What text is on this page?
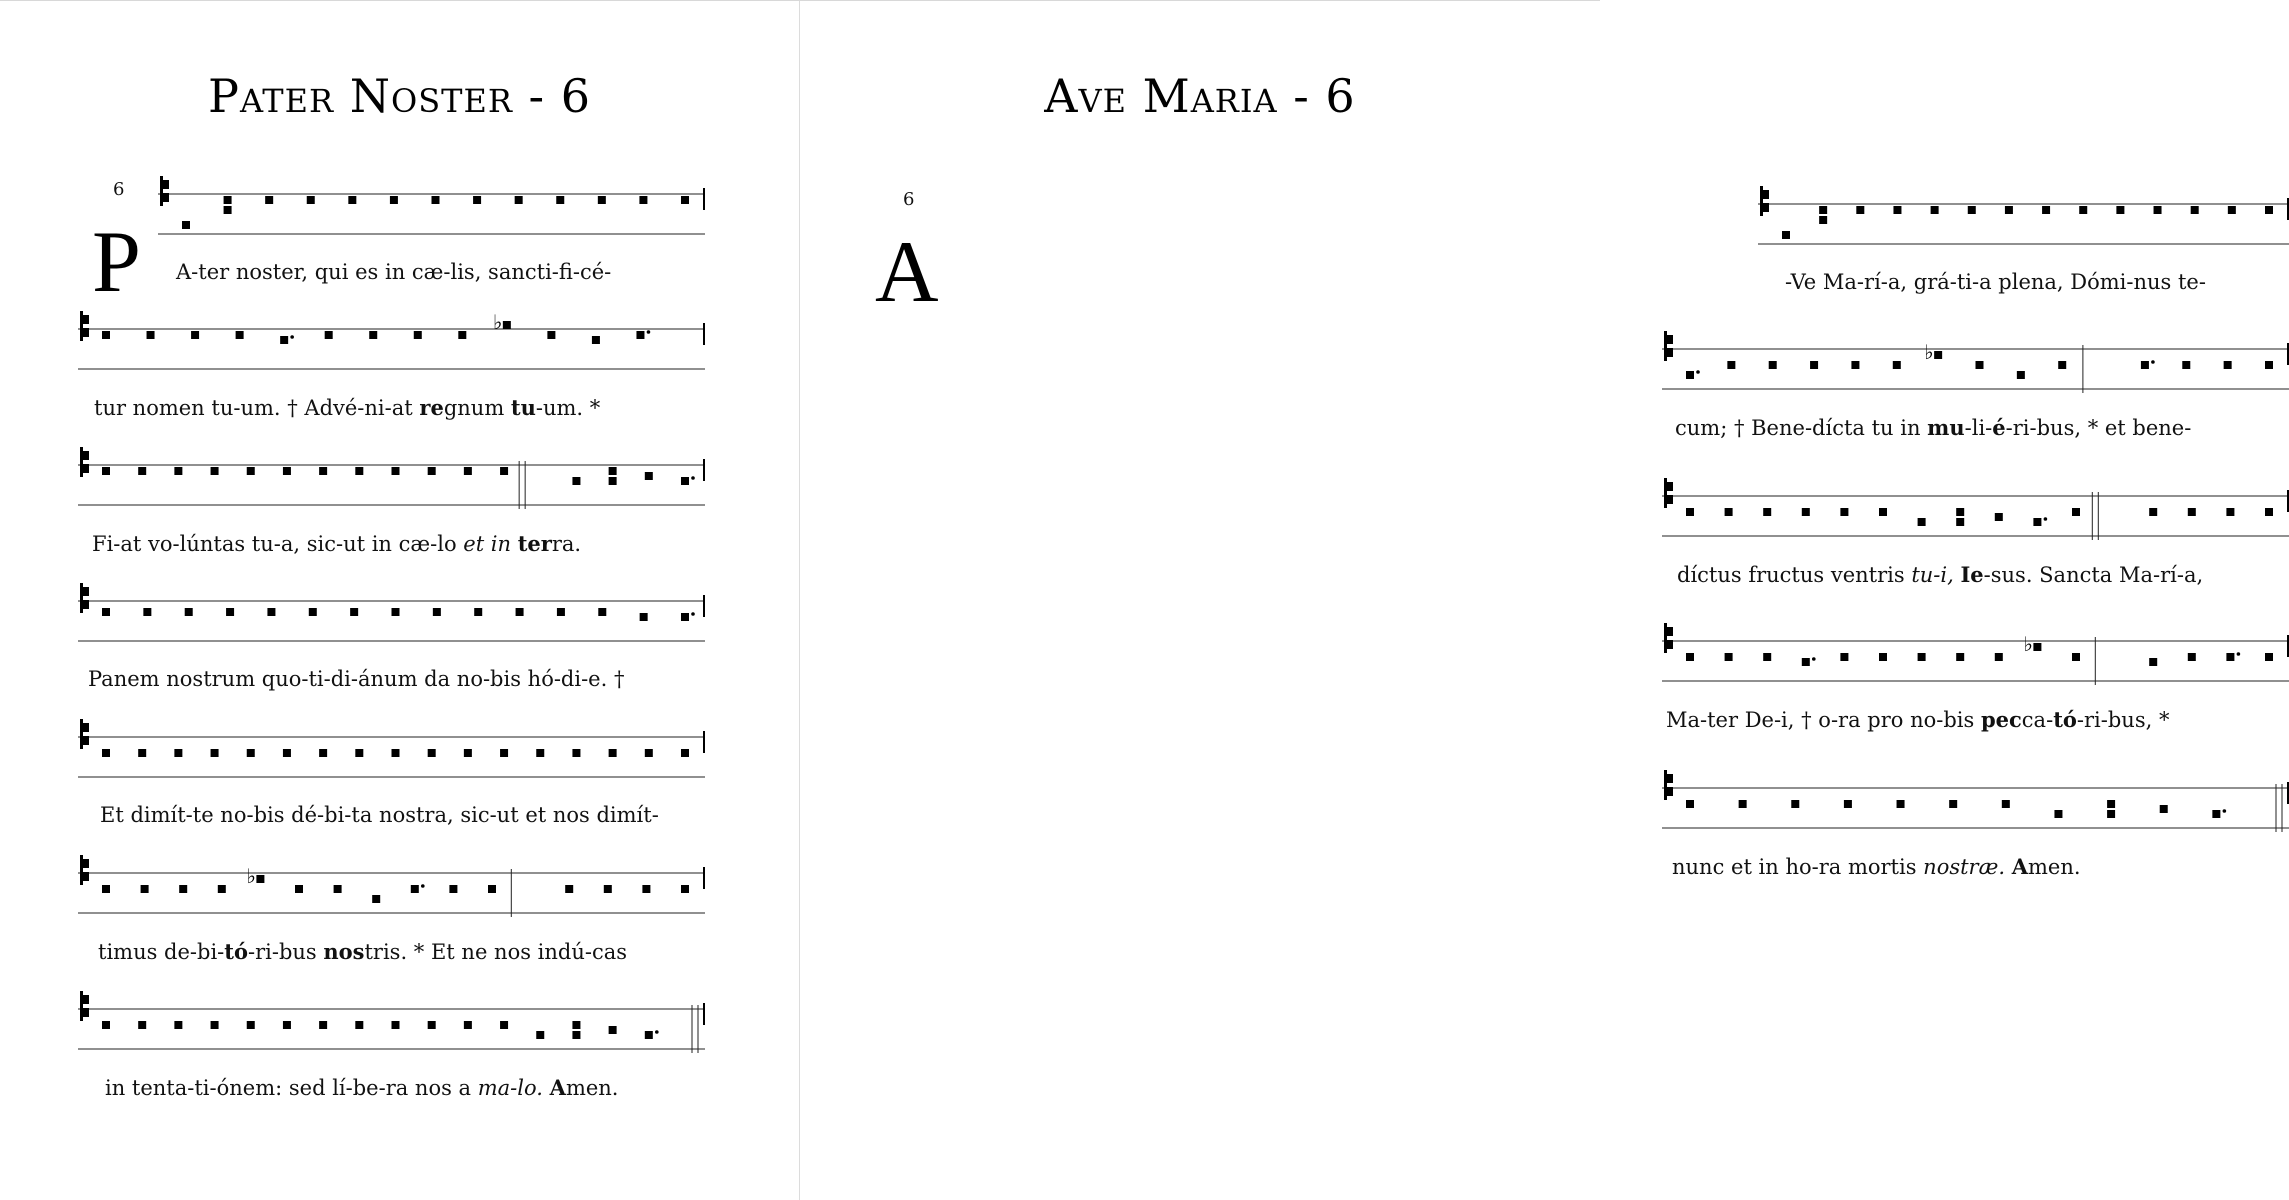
Pater Noster - 6
6
P A-ter noster, qui es in cæ-lis, sancti-fi-cé-
♭
tur nomen tu-um. † Advé-ni-at regnum tu-um. *
Fi-at vo-lúntas tu-a, sic-ut in cæ-lo et in terra.
Panem nostrum quo-ti-di-ánum da no-bis hó-di-e. †
Et dimít-te no-bis dé-bi-ta nostra, sic-ut et nos dimít-
♭
timus de-bi-tó-ri-bus nostris. * Et ne nos indú-cas
in tenta-ti-ónem: sed lí-be-ra nos a ma-lo. Amen.
Ave Maria - 6
6
A	-Ve Ma-rí-a, grá-ti-a plena, Dómi-nus te-
♭
cum; † Bene-dícta tu in mu-li-é-ri-bus, * et bene-
díctus fructus ventris tu-i, Ie-sus. Sancta Ma-rí-a,
♭
Ma-ter De-i, † o-ra pro no-bis pecca-tó-ri-bus, *
nunc et in ho-ra mortis nostræ. Amen.
